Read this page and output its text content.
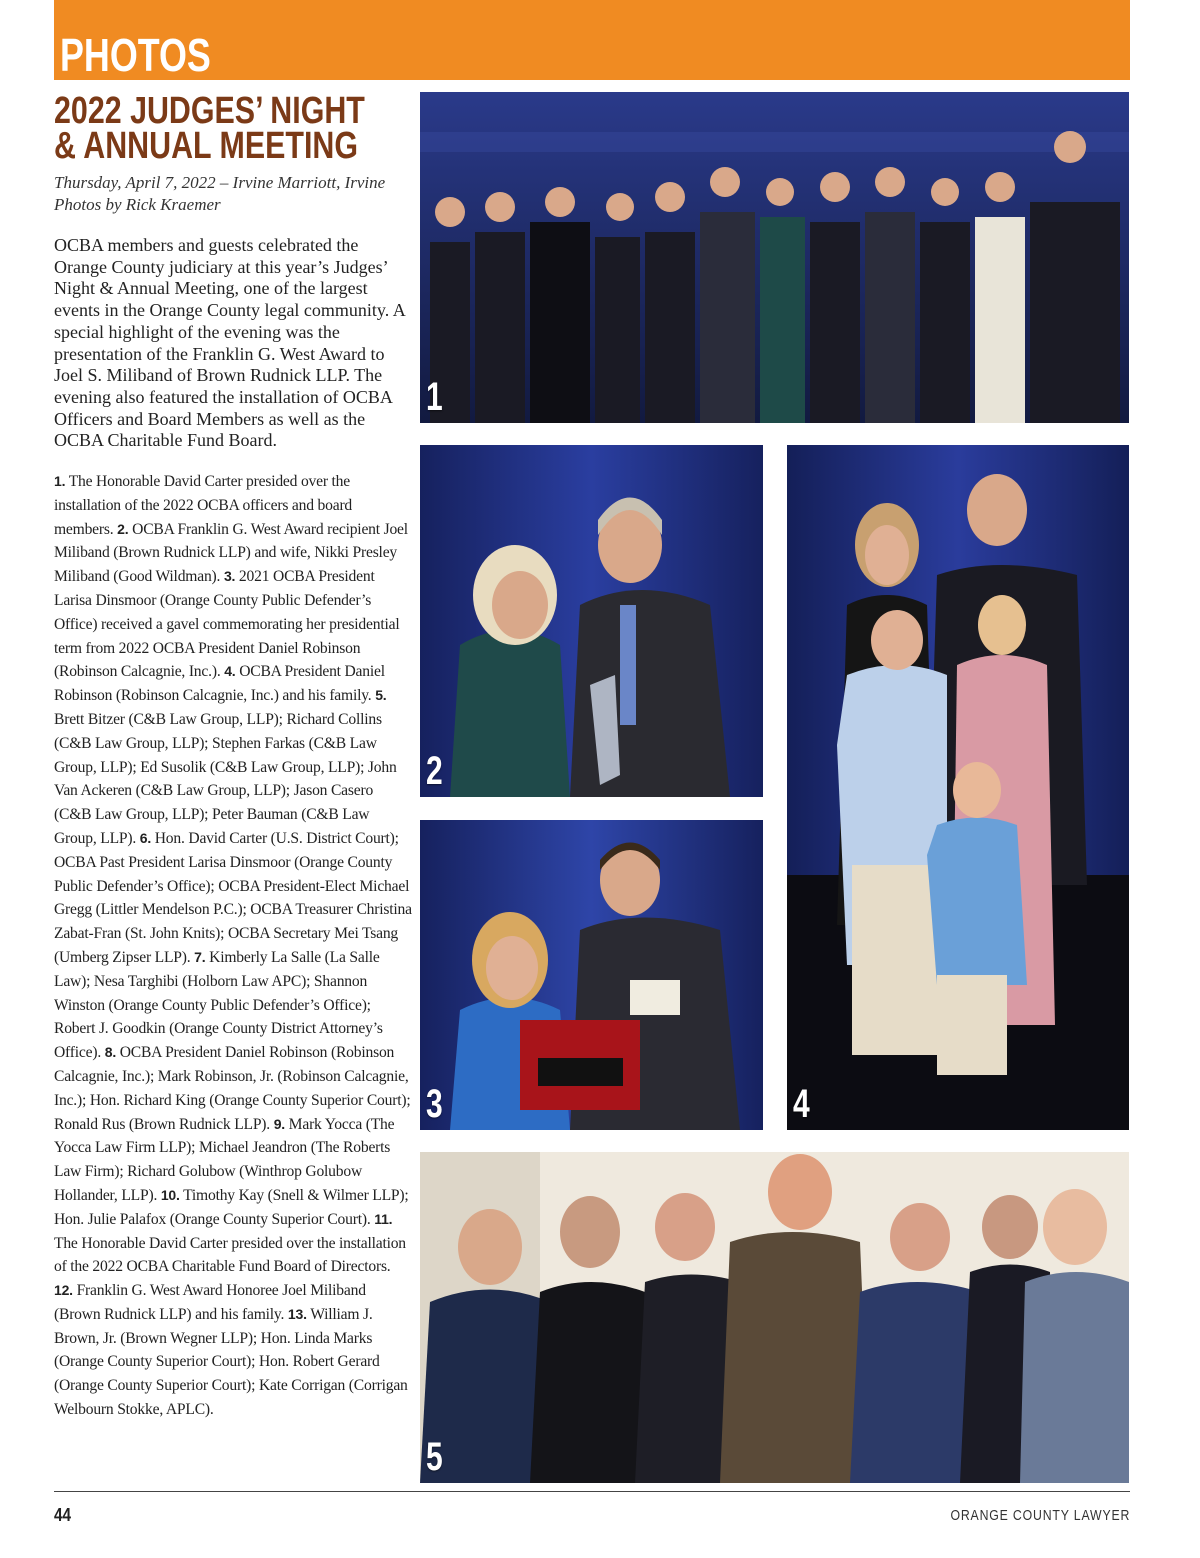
PHOTOS
2022 JUDGES’ NIGHT
& ANNUAL MEETING
Thursday, April 7, 2022 – Irvine Marriott, Irvine
Photos by Rick Kraemer

OCBA members and guests celebrated the Orange County judiciary at this year’s Judges’ Night & Annual Meeting, one of the largest events in the Orange County legal community. A special highlight of the evening was the presentation of the Franklin G. West Award to Joel S. Miliband of Brown Rudnick LLP. The evening also featured the installation of OCBA Officers and Board Members as well as the OCBA Charitable Fund Board.

1. The Honorable David Carter presided over the installation of the 2022 OCBA officers and board members. 2. OCBA Franklin G. West Award recipient Joel Miliband (Brown Rudnick LLP) and wife, Nikki Presley Miliband (Good Wildman). 3. 2021 OCBA President Larisa Dinsmoor (Orange County Public Defender’s Office) received a gavel commemorating her presidential term from 2022 OCBA President Daniel Robinson (Robinson Calcagnie, Inc.). 4. OCBA President Daniel Robinson (Robinson Calcagnie, Inc.) and his family. 5. Brett Bitzer (C&B Law Group, LLP); Richard Collins (C&B Law Group, LLP); Stephen Farkas (C&B Law Group, LLP); Ed Susolik (C&B Law Group, LLP); John Van Ackeren (C&B Law Group, LLP); Jason Casero (C&B Law Group, LLP); Peter Bauman (C&B Law Group, LLP). 6. Hon. David Carter (U.S. District Court); OCBA Past President Larisa Dinsmoor (Orange County Public Defender’s Office); OCBA President-Elect Michael Gregg (Littler Mendelson P.C.); OCBA Treasurer Christina Zabat-Fran (St. John Knits); OCBA Secretary Mei Tsang (Umberg Zipser LLP). 7. Kimberly La Salle (La Salle Law); Nesa Targhibi (Holborn Law APC); Shannon Winston (Orange County Public Defender’s Office); Robert J. Goodkin (Orange County District Attorney’s Office). 8. OCBA President Daniel Robinson (Robinson Calcagnie, Inc.); Mark Robinson, Jr. (Robinson Calcagnie, Inc.); Hon. Richard King (Orange County Superior Court); Ronald Rus (Brown Rudnick LLP). 9. Mark Yocca (The Yocca Law Firm LLP); Michael Jeandron (The Roberts Law Firm); Richard Golubow (Winthrop Golubow Hollander, LLP). 10. Timothy Kay (Snell & Wilmer LLP); Hon. Julie Palafox (Orange County Superior Court). 11. The Honorable David Carter presided over the installation of the 2022 OCBA Charitable Fund Board of Directors. 12. Franklin G. West Award Honoree Joel Miliband (Brown Rudnick LLP) and his family. 13. William J. Brown, Jr. (Brown Wegner LLP); Hon. Linda Marks (Orange County Superior Court); Hon. Robert Gerard (Orange County Superior Court); Kate Corrigan (Corrigan Welbourn Stokke, APLC).

1
2
3	4
5
44	ORANGE COUNTY LAWYER
